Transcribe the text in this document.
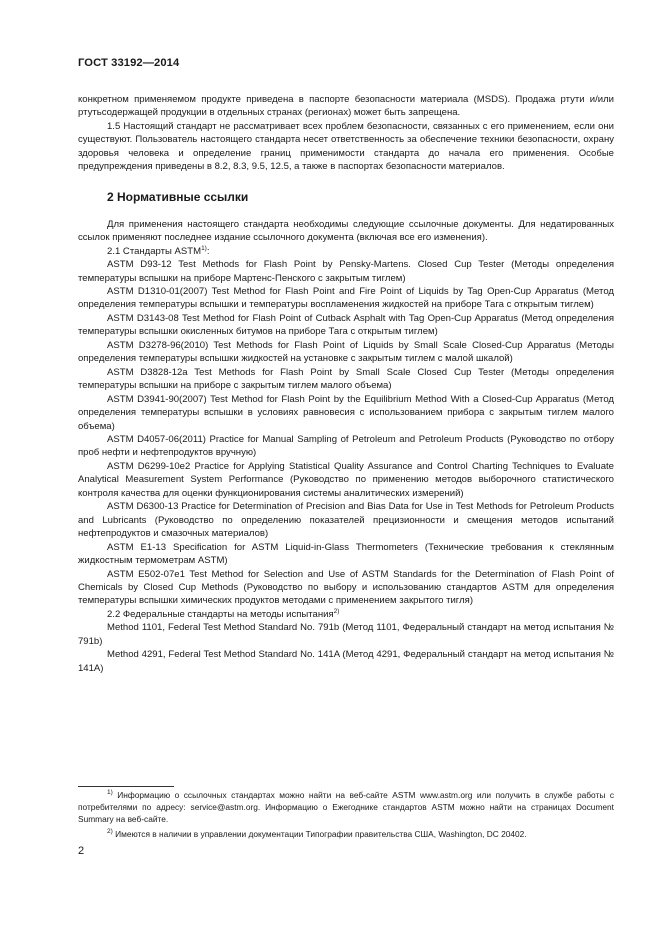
ГОСТ 33192—2014

конкретном применяемом продукте приведена в паспорте безопасности материала (MSDS). Продажа ртути и/или ртутьсодержащей продукции в отдельных странах (регионах) может быть запрещена.

1.5 Настоящий стандарт не рассматривает всех проблем безопасности, связанных с его применением, если они существуют. Пользователь настоящего стандарта несет ответственность за обеспечение техники безопасности, охрану здоровья человека и определение границ применимости стандарта до начала его применения. Особые предупреждения приведены в 8.2, 8.3, 9.5, 12.5, а также в паспортах безопасности материалов.

2 Нормативные ссылки

Для применения настоящего стандарта необходимы следующие ссылочные документы. Для недатированных ссылок применяют последнее издание ссылочного документа (включая все его изменения).

2.1 Стандарты ASTM$^{1)}$:

ASTM D93-12 Test Methods for Flash Point by Pensky-Martens. Closed Cup Tester (Методы определения температуры вспышки на приборе Мартенс-Пенского с закрытым тиглем)

ASTM D1310-01(2007) Test Method for Flash Point and Fire Point of Liquids by Tag Open-Cup Apparatus (Метод определения температуры вспышки и температуры воспламенения жидкостей на приборе Тага с открытым тиглем)

ASTM D3143-08 Test Method for Flash Point of Cutback Asphalt with Tag Open-Cup Apparatus (Метод определения температуры вспышки окисленных битумов на приборе Тага с открытым тиглем)

ASTM D3278-96(2010) Test Methods for Flash Point of Liquids by Small Scale Closed-Cup Apparatus (Методы определения температуры вспышки жидкостей на установке с закрытым тиглем с малой шкалой)

ASTM D3828-12a Test Methods for Flash Point by Small Scale Closed Cup Tester (Методы определения температуры вспышки на приборе с закрытым тиглем малого объема)

ASTM D3941-90(2007) Test Method for Flash Point by the Equilibrium Method With a Closed-Cup Apparatus (Метод определения температуры вспышки в условиях равновесия с использованием прибора с закрытым тиглем малого объема)

ASTM D4057-06(2011) Practice for Manual Sampling of Petroleum and Petroleum Products (Руководство по отбору проб нефти и нефтепродуктов вручную)

ASTM D6299-10e2 Practice for Applying Statistical Quality Assurance and Control Charting Techniques to Evaluate Analytical Measurement System Performance (Руководство по применению методов выборочного статистического контроля качества для оценки функционирования системы аналитических измерений)

ASTM D6300-13 Practice for Determination of Precision and Bias Data for Use in Test Methods for Petroleum Products and Lubricants (Руководство по определению показателей прецизионности и смещения методов испытаний нефтепродуктов и смазочных материалов)

ASTM E1-13 Specification for ASTM Liquid-in-Glass Thermometers (Технические требования к стеклянным жидкостным термометрам ASTM)

ASTM E502-07e1 Test Method for Selection and Use of ASTM Standards for the Determination of Flash Point of Chemicals by Closed Cup Methods (Руководство по выбору и использованию стандартов ASTM для определения температуры вспышки химических продуктов методами с применением закрытого тигля)

2.2 Федеральные стандарты на методы испытания$^{2)}$

Method 1101, Federal Test Method Standard No. 791b (Метод 1101, Федеральный стандарт на метод испытания № 791b)

Method 4291, Federal Test Method Standard No. 141A (Метод 4291, Федеральный стандарт на метод испытания № 141A)

$^{1)}$ Информацию о ссылочных стандартах можно найти на веб-сайте ASTM www.astm.org или получить в службе работы с потребителями по адресу: service@astm.org. Информацию о Ежегоднике стандартов ASTM можно найти на страницах Document Summary на веб-сайте.

$^{2)}$ Имеются в наличии в управлении документации Типографии правительства США, Washington, DC 20402.

2
